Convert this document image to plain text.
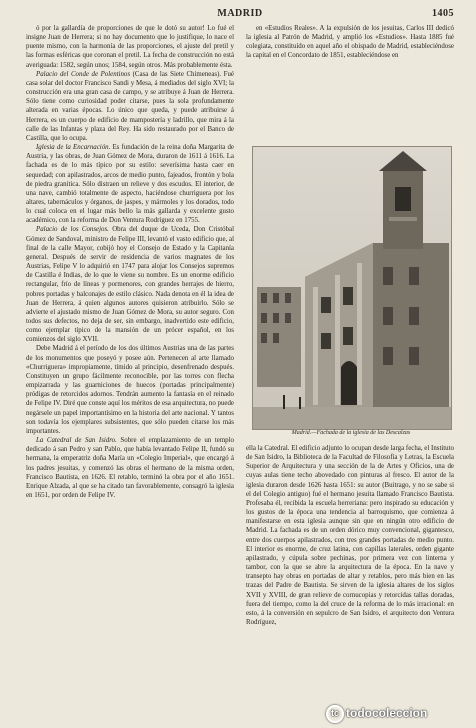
MADRID	1405

ó por la gallardía de proporciones de que le dotó su autor! Lo fué el insigne Juan de Herrera; si no hay documento que lo justifique, lo nace el puente mismo, con la harmonía de las proporciones, el ajuste del pretil y las formas esféricas que coronan el pretil. La fecha de construcción no está averiguada: 1582, según unos; 1584, según otros. Más probablemente ésta.

Palacio del Conde de Polentinos (Casa de las Siete Chimeneas). Fué casa solar del doctor Francisco Sandi y Mesa, á mediados del siglo XVI; la construcción era una gran casa de campo, y se atribuye á Juan de Herrera. Sólo tiene como curiosidad poder citarse, pues la sola profundamente alterada en varias épocas. Lo único que queda, y puede atribuirse á Herrera, es un cuerpo de edificio de mampostería y ladrillo, que mira á la calle de las Infantas y plaza del Rey. Ha sido restaurado por el Banco de Castilla, que lo ocupa.

Iglesia de la Encarnación. Es fundación de la reina doña Margarita de Austria, y las obras, de Juan Gómez de Mora, duraron de 1611 á 1616. La fachada es de lo más típico por su estilo: severísima hasta caer en sequedad; con apilastrados, arcos de medio punto, fajeados, frontón y bola de piedra granítica. Sólo distraen un relieve y dos escudos. El interior, de una nave, cambió totalmente de aspecto, haciéndose churriguera por los altares, tabernáculos y órganos, de jaspes, y mármoles y los dorados, todo lo cual coloca en el lugar más bello la más gallarda y excelente gusto académico, con la reforma de Don Ventura Rodríguez en 1755.

Palacio de los Consejos. Obra del duque de Uceda, Don Cristóbal Gómez de Sandoval, ministro de Felipe III, levantó el vasto edificio que, al final de la calle Mayor, cobijó hoy el Consejo de Estado y la Capitanía general. Después de servir de residencia de varios magnates de los Austrias, Felipe V lo adquirió en 1747 para alojar los Consejos supremos de Castilla é Indias, de lo que le viene su nombre. Es un enorme edificio rectangular, frío de líneas y pormenores, con grandes herrajes de hierro, pobres portadas y balconajes de estilo clásico. Nada denota en él la idea de Juan de Herrera, á quien algunos autores quisieron atribuirlo. Sólo se advierte el ajustado mismo de Juan Gómez de Mora, su autor seguro. Con todos sus defectos, no deja de ser, sin embargo, inadvertido este edificio, como ejemplar típico de la mansión de un prócer español, en los comienzos del siglo XVII.

Debe Madrid á el período de los dos últimos Austrias una de las partes de los monumentos que poseyó y posee aún. Pertenecen al arte llamado «Churriguera» impropiamente, tímido al principio, desenfrenado después. Constituyen un grupo fácilmente reconocible, por las torres con flecha empizarrada y las guarniciones de huecos (portadas principalmente) pródigas de retorcidos adornos. Tendrán aumento la fantasía en el reinado de Felipe IV. Diré que conste aquí los méritos de esa arquitectura, no puede negársele un papel importantísimo en la historia del arte nacional. Y tantos son todavía los ejemplares subsistentes, que sólo pueden citarse los más importantes.

La Catedral de San Isidro. Sobre el emplazamiento de un templo dedicado á san Pedro y san Pablo, que había levantado Felipe II, fundó su hermana, la emperatriz doña María un «Colegio Imperial», que encargó á los padres jesuitas, y comenzó las obras el hermano de la misma orden, Francisco Bautista, en 1626. El retablo, terminó la obra por el año 1651. Enrique Alzada, al que se ha citado tan favorablemente, consagró la iglesia en 1651, por orden de Felipe IV.

en «Estudios Reales». A la expulsión de los jesuitas, Carlos III dedicó la iglesia al Patrón de Madrid, y amplió los «Estudios». Hasta 1885 fué colegiata, constituído en aquel año el obispado de Madrid, estableciéndose la capital en el Concordato de 1851, estableciéndose en

Madrid.—Fachada de la iglesia de las Descalzas

ella la Catedral. El edificio adjunto lo ocupan desde larga fecha, el Instituto de San Isidro, la Biblioteca de la Facultad de Filosofía y Letras, la Escuela Superior de Arquitectura y una sección de la de Artes y Oficios, una de cuyas aulas tiene techo abovedado con pinturas al fresco. El autor de la iglesia duraron desde 1626 hasta 1651: su autor (Buitrago, y no se sabe si el del Colegio antiguo) fué el hermano jesuita llamado Francisco Bautista. Profesaba él, recibida la escuela herreriana: pero inspirado su educación y los gustos de la época una tendencia al barroquismo, que comienza á manifestarse en esta iglesia aunque sin que en ningún otro edificio de Madrid. La fachada es de un orden dórico muy convencional, gigantesco, entre dos cuerpos apilastrados, con tres grandes portadas de medio punto. El interior es enorme, de cruz latina, con capillas laterales, orden gigante apilastrado, y cúpula sobre pechinas, por primera vez con linterna y tambor, con la que se abre la arquitectura de la época. En la nave y transepto hay obras en portadas de altar y retablos, pero más bien en las trazas del Padre de Bautista. Se sirven de la iglesia altares de los siglos XVII y XVIII, de gran relieve de cornucopias y retorcidas tallas doradas, fuera del tiempo, como la del cruce de la reforma de lo más irracional: en esto, á la conversión en sepulcro de San Isidro, el arquitecto don Ventura Rodríguez,

tc todocoleccion
